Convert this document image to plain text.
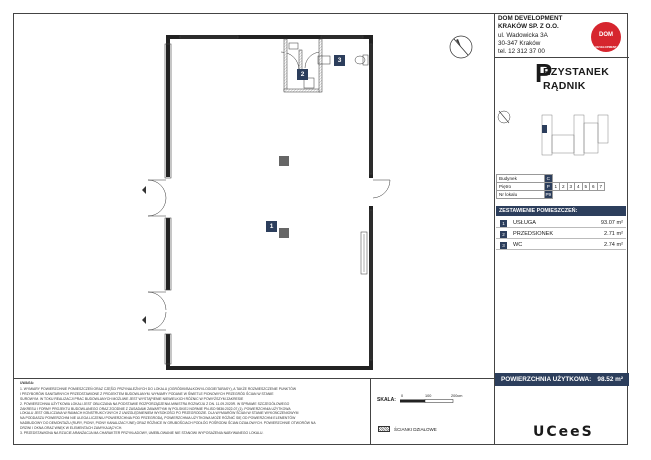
1
2
3
DOM DEVELOPMENT
KRAKÓW SP. Z O.O.
ul. Wadowicka 3A
30-347 Kraków
tel. 12 312 37 00
DOM
DEVELOPMENT
P
RZYSTANEK
RĄDNIK
Budynek	C							
Piętro	P	1	2	3	4	5	6	7
Nr lokalu	P9							
ZESTAWIENIE POMIESZCZEŃ:
1	USŁUGA	93.07 m²
2	PRZEDSIONEK	2.71 m²
3	WC	2.74 m²
POWIERZCHNIA UŻYTKOWA: 98.52 m²
UCeeS
UWAGA:
1. WYMIARY POWIERZCHNIE POMIESZCZEŃ ORAZ CZĘŚCI PRZYNALEŻNYCH DO LOKALU (OGRÓDKI/BALKONY/LOGGIE/TARASY), A TAKŻE ROZMIESZCZENIE PUNKTÓW
I PRZYBORÓW SANITARNYCH PRZEDSTAWIONE Z PROJEKTEM BUDOWLANYM. WYMIARY PODANE W ŚWIETLE PIONOWYCH PRZEGRÓD ŚCIAN W STANIE
SUROWYM. W TOKU REALIZACJI PRAC BUDOWLANYCH MOŻLIWE JEST WYSTĄPIENIE NIEWIELKICH RÓŻNIC W POWYŻSZYM ZAKRESIE
2. POWIERZCHNIA UŻYTKOWA LOKALI JEST OBLICZANA NA PODSTAWIE ROZPORZĄDZENIA MINISTRA ROZWOJU Z DN. 11.09.2020R. W SPRAWIE SZCZEGÓŁOWEGO
ZAKRESU I FORMY PROJEKTU BUDOWLANEGO ORAZ ZGODNIE Z ZASADAMI ZAWARTYMI W POLSKIEJ NORMIE PN-ISO 9836:2022-07 (1). POWIERZCHNIA UŻYTKOWA
LOKALU JEST OBLICZANA W RAMACH KONSTRUKCYJNYCH Z UWZGLĘDNIENIEM WYSOKOŚCI PO PRZEGRODZIE. DLA WYMIARÓW ŚCIAN W STANIE WYKOŃCZENIOWYM
NA PODDASZU POWIERZCHNI NIE ULEGA LICZENIU POWIERZCHNIA POD PRZEGRODĄ. POWIERZCHNIA UŻYTKOWA MOŻE RÓŻNIĆ SIĘ OD POWIERZCHNI ELEMENTÓW
NADBUDOWY DO DEMONTAŻU (RURY, PIONY, PIONY KANALIZACYJNE) ORAZ RÓŻNICE W GRUBOŚCIACH PODŁÓG POŚRODNI ŚCIAN DZIAŁOWYCH. POWIERZCHNIE OTWORÓW NA
DRZWI I OKNA ORAZ WNĘK W ELEMENTACH ZAMYKAJĄCYCH.
3. PRZEDSTAWIONA NA RZUCIE ARANŻACJA MA CHARAKTER PRZYKŁADOWY, UMEBLOWANIE NIE STANOWI WYPOSAŻENIA NABYWANEGO LOKALU.
SKALA:
0	100	200cm
ŚCIANKI DZIAŁOWE
